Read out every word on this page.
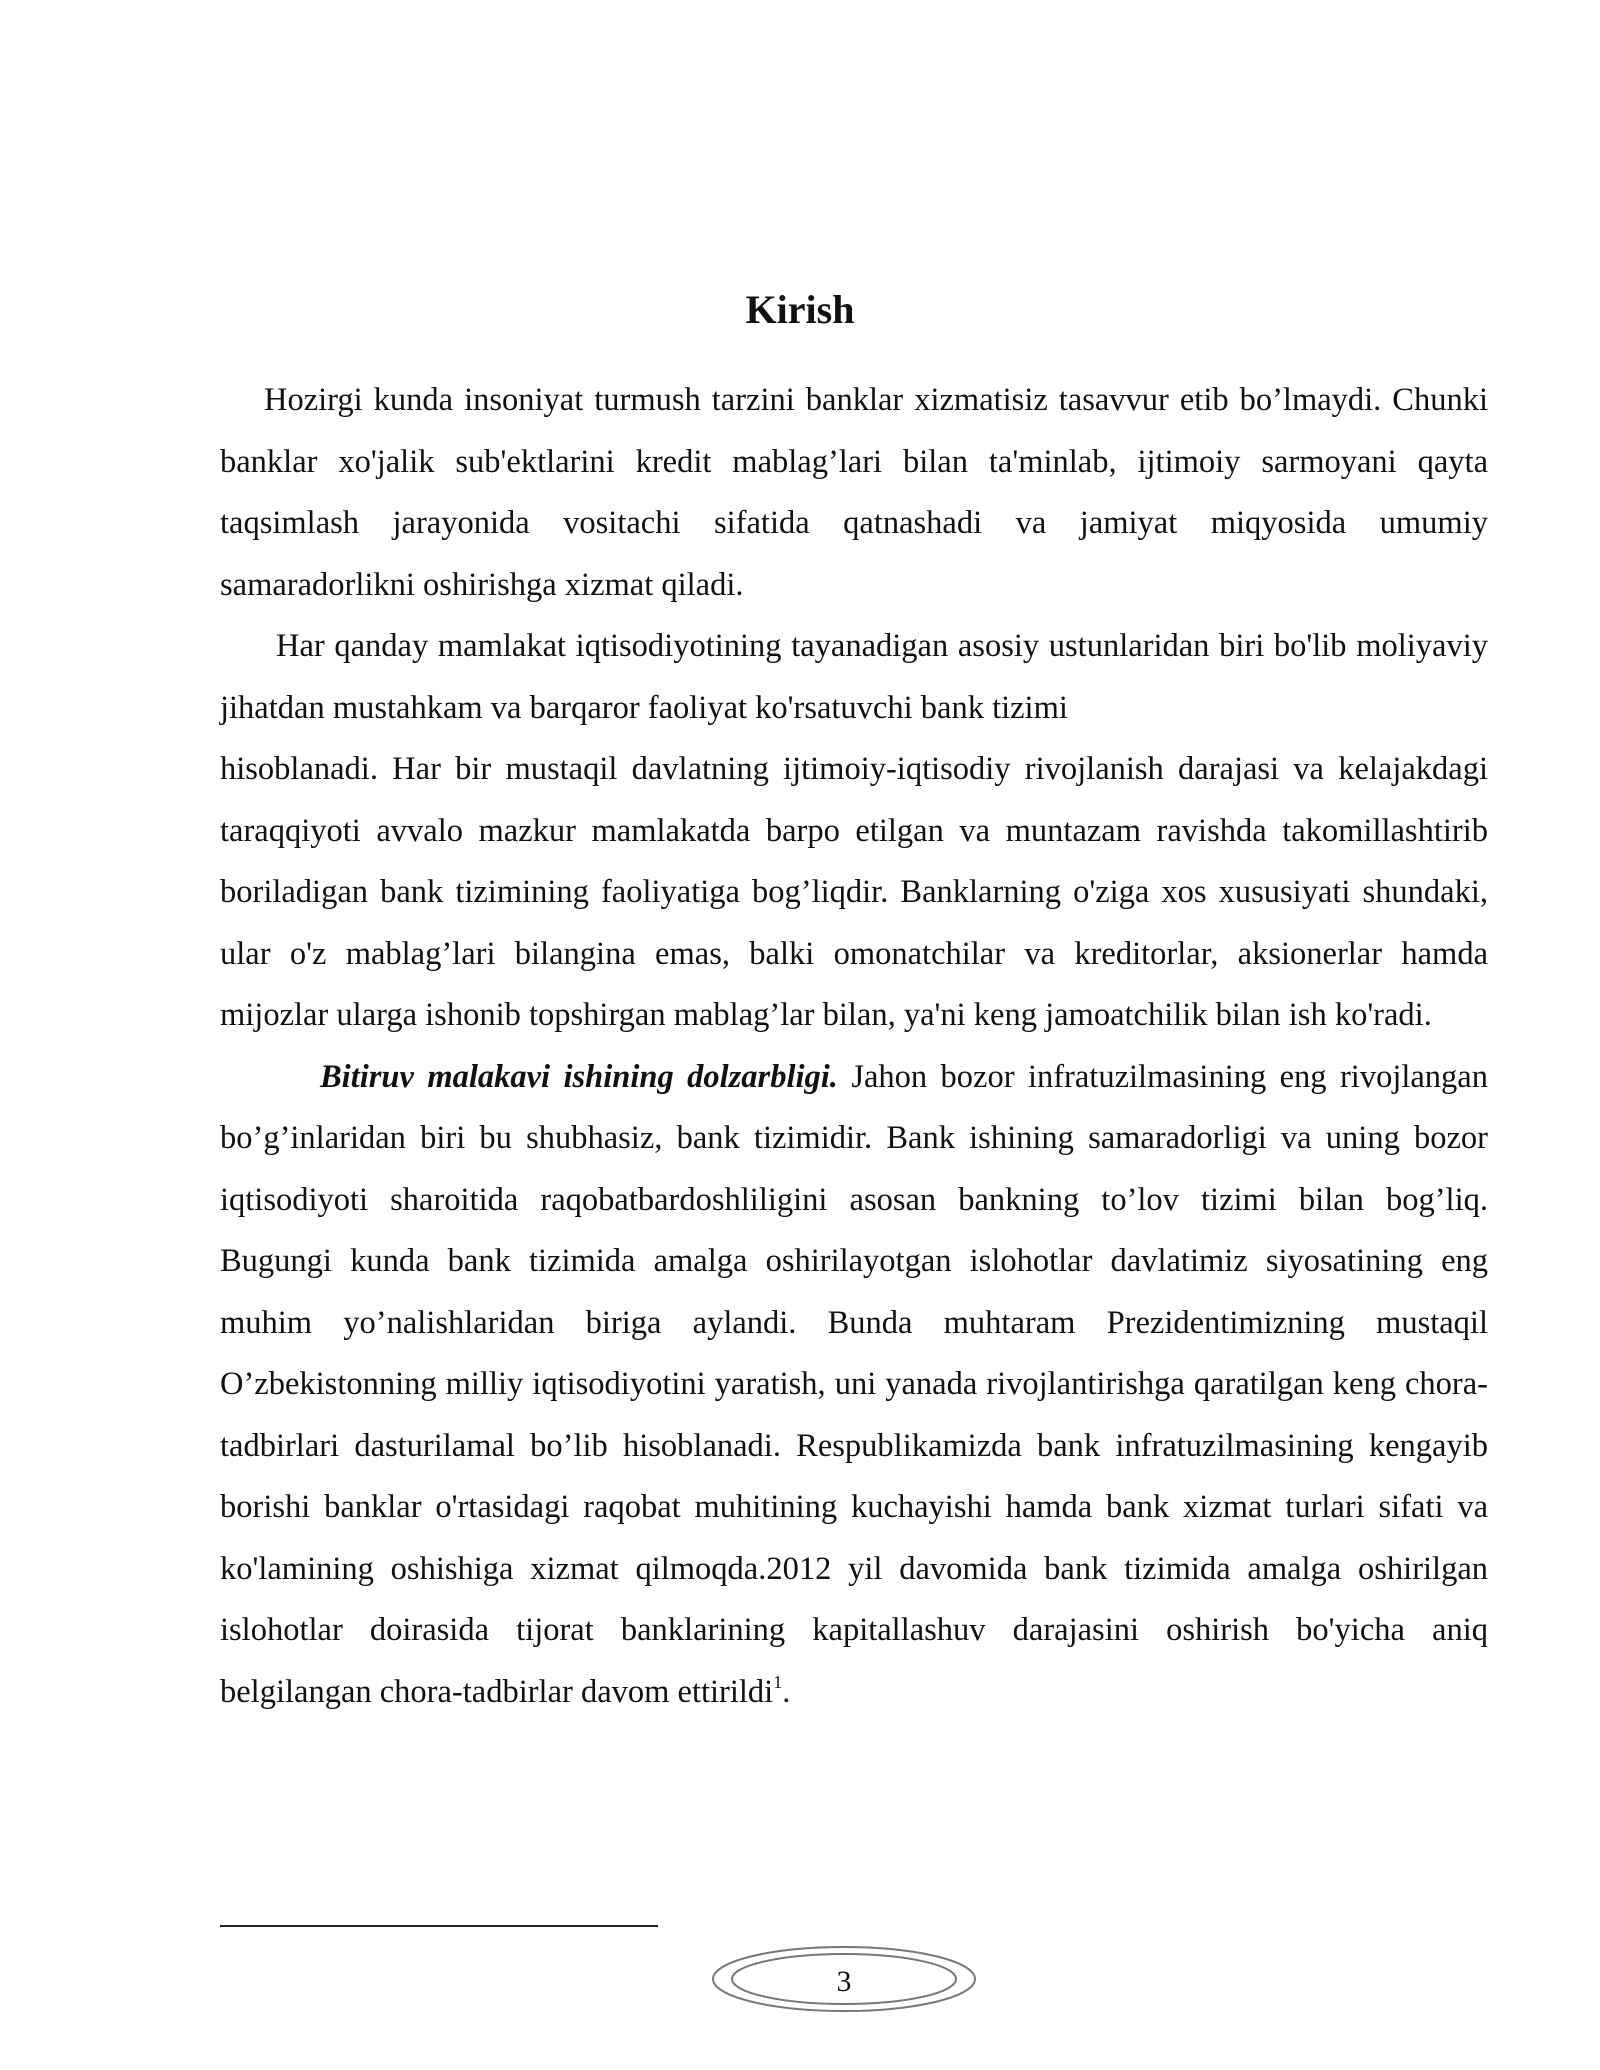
Kirish

Hozirgi kunda insoniyat turmush tarzini banklar xizmatisiz tasavvur etib bo’lmaydi. Chunki banklar xo'jalik sub'ektlarini kredit mablag’lari bilan ta'minlab, ijtimoiy sarmoyani qayta taqsimlash jarayonida vositachi sifatida qatnashadi va jamiyat miqyosida umumiy samaradorlikni oshirishga xizmat qiladi.

Har qanday mamlakat iqtisodiyotining tayanadigan asosiy ustunlaridan biri bo'lib moliyaviy jihatdan mustahkam va barqaror faoliyat ko'rsatuvchi bank tizimi

hisoblanadi. Har bir mustaqil davlatning ijtimoiy-iqtisodiy rivojlanish darajasi va kelajakdagi taraqqiyoti avvalo mazkur mamlakatda barpo etilgan va muntazam ravishda takomillashtirib boriladigan bank tizimining faoliyatiga bog’liqdir. Banklarning o'ziga xos xususiyati shundaki, ular o'z mablag’lari bilangina emas, balki omonatchilar va kreditorlar, aksionerlar hamda mijozlar ularga ishonib topshirgan mablag’lar bilan, ya'ni keng jamoatchilik bilan ish ko'radi.

Bitiruv malakavi ishining dolzarbligi. Jahon bozor infratuzilmasining eng rivojlangan bo’g’inlaridan biri bu shubhasiz, bank tizimidir. Bank ishining samaradorligi va uning bozor iqtisodiyoti sharoitida raqobatbardoshliligini asosan bankning to’lov tizimi bilan bog’liq. Bugungi kunda bank tizimida amalga oshirilayotgan islohotlar davlatimiz siyosatining eng muhim yo’nalishlaridan biriga aylandi. Bunda muhtaram Prezidentimizning mustaqil O’zbekistonning milliy iqtisodiyotini yaratish, uni yanada rivojlantirishga qaratilgan keng chora-tadbirlari dasturilamal bo’lib hisoblanadi. Respublikamizda bank infratuzilmasining kengayib borishi banklar o'rtasidagi raqobat muhitining kuchayishi hamda bank xizmat turlari sifati va ko'lamining oshishiga xizmat qilmoqda.2012 yil davomida bank tizimida amalga oshirilgan islohotlar doirasida tijorat banklarining kapitallashuv darajasini oshirish bo'yicha aniq belgilangan chora-tadbirlar davom ettirildi$^1$.

3
